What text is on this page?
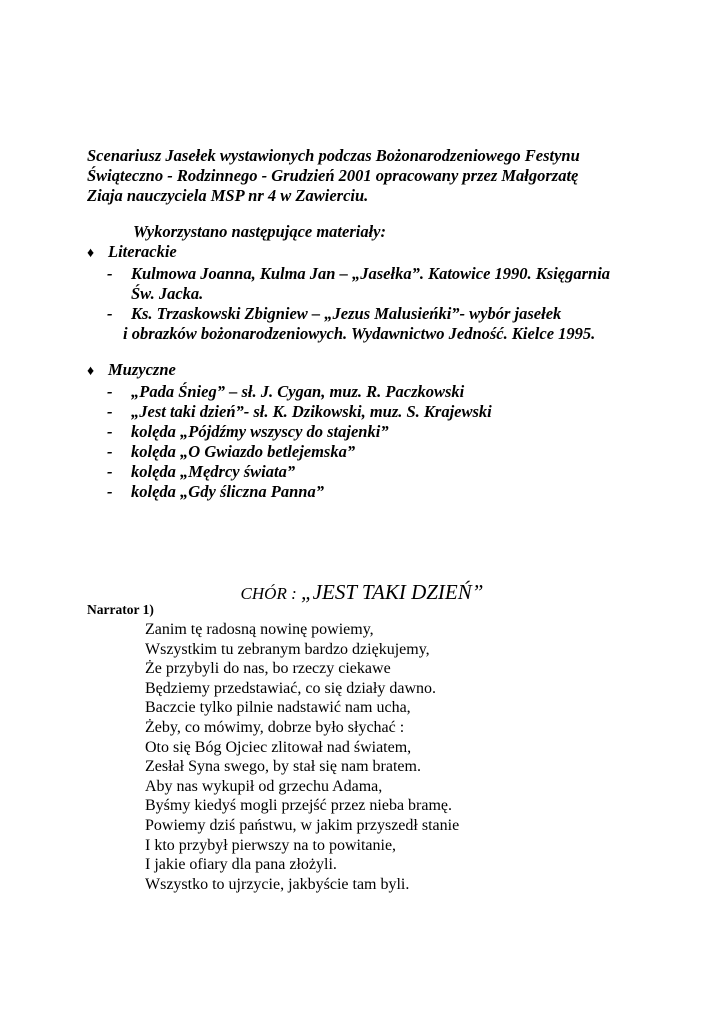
Scenariusz Jasełek wystawionych podczas Bożonarodzeniowego Festynu
Świąteczno - Rodzinnego - Grudzień 2001 opracowany przez Małgorzatę
Ziaja nauczyciela MSP nr 4 w Zawierciu.
Wykorzystano następujące materiały:
♦ Literackie
-	Kulmowa Joanna, Kulma Jan – „Jasełka”. Katowice 1990. Księgarnia
Św. Jacka.
-	Ks. Trzaskowski Zbigniew – „Jezus Malusieńki”- wybór jasełek
i obrazków bożonarodzeniowych. Wydawnictwo Jedność. Kielce 1995.
♦ Muzyczne
-	„Pada Śnieg” – sł. J. Cygan, muz. R. Paczkowski
-	„Jest taki dzień”- sł. K. Dzikowski, muz. S. Krajewski
-	kolęda „Pójdźmy wszyscy do stajenki”
-	kolęda „O Gwiazdo betlejemska”
-	kolęda „Mędrcy świata”
-	kolęda „Gdy śliczna Panna”
CHÓR : „JEST TAKI DZIEŃ”
Narrator 1)
Zanim tę radosną nowinę powiemy,
Wszystkim tu zebranym bardzo dziękujemy,
Że przybyli do nas, bo rzeczy ciekawe
Będziemy przedstawiać, co się działy dawno.
Baczcie tylko pilnie nadstawić nam ucha,
Żeby, co mówimy, dobrze było słychać :
Oto się Bóg Ojciec zlitował nad światem,
Zesłał Syna swego, by stał się nam bratem.
Aby nas wykupił od grzechu Adama,
Byśmy kiedyś mogli przejść przez nieba bramę.
Powiemy dziś państwu, w jakim przyszedł stanie
I kto przybył pierwszy na to powitanie,
I jakie ofiary dla pana złożyli.
Wszystko to ujrzycie, jakbyście tam byli.
